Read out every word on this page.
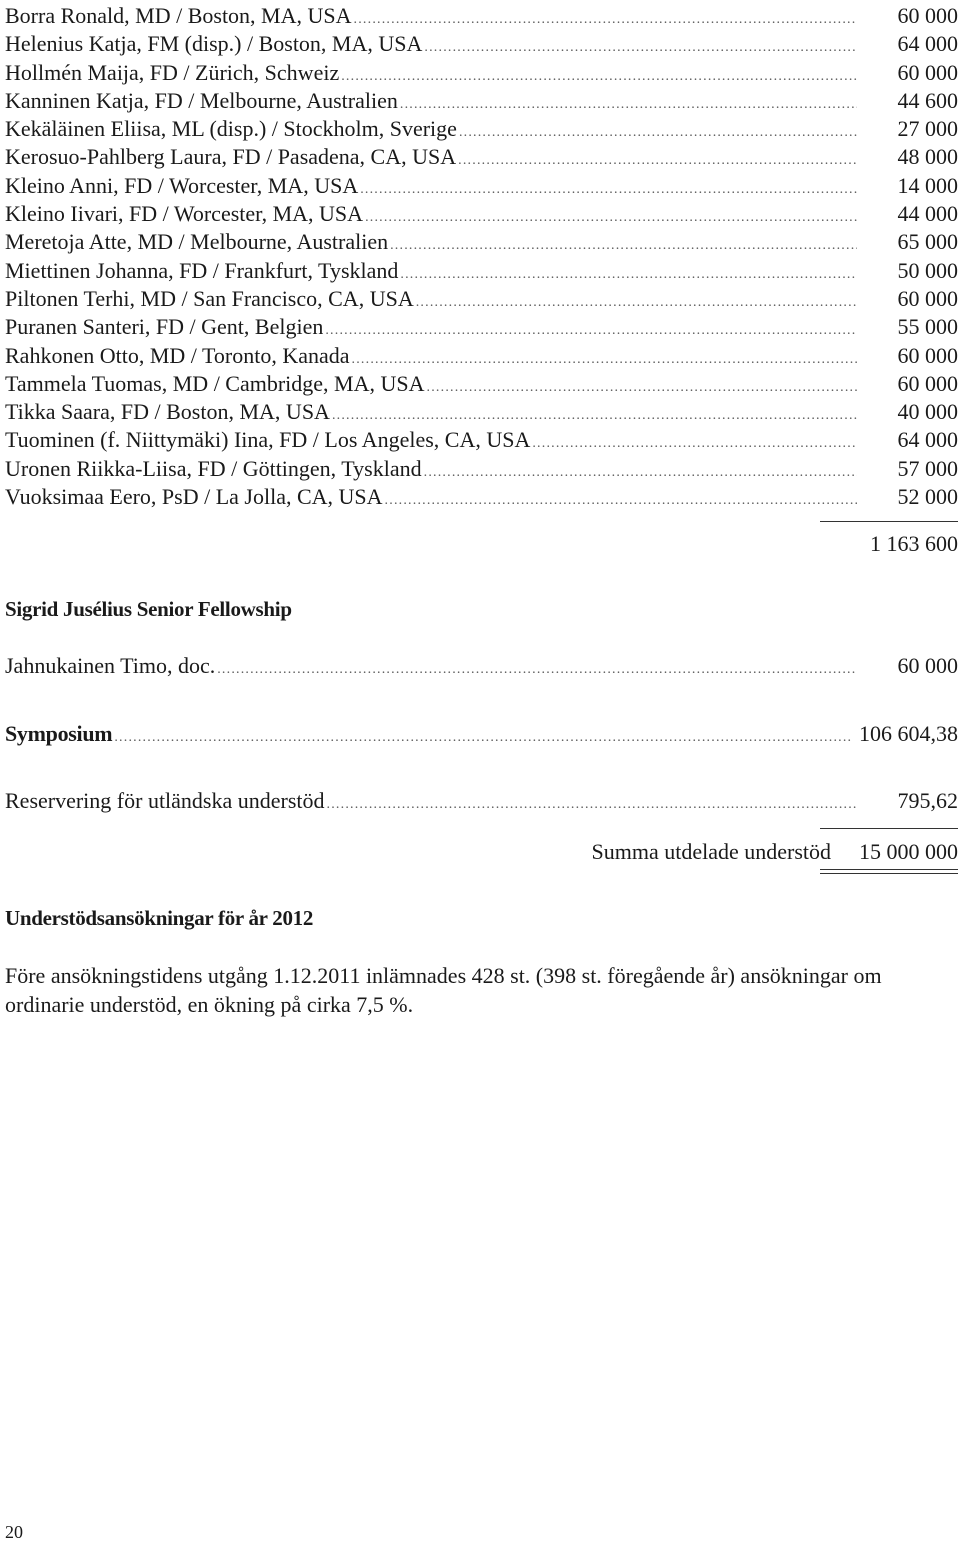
Borra Ronald, MD / Boston, MA, USA .....	60 000
Helenius Katja, FM (disp.) / Boston, MA, USA .....	64 000
Hollmén Maija, FD / Zürich, Schweiz .....	60 000
Kanninen Katja, FD / Melbourne, Australien .....	44 600
Kekäläinen Eliisa, ML (disp.) / Stockholm, Sverige .....	27 000
Kerosuo-Pahlberg Laura, FD / Pasadena, CA, USA .....	48 000
Kleino Anni, FD / Worcester, MA, USA .....	14 000
Kleino Iivari, FD / Worcester, MA, USA .....	44 000
Meretoja Atte, MD / Melbourne, Australien .....	65 000
Miettinen Johanna, FD / Frankfurt, Tyskland .....	50 000
Piltonen Terhi, MD / San Francisco, CA, USA .....	60 000
Puranen Santeri, FD / Gent, Belgien .....	55 000
Rahkonen Otto, MD / Toronto, Kanada .....	60 000
Tammela Tuomas, MD / Cambridge, MA, USA .....	60 000
Tikka Saara, FD / Boston, MA, USA .....	40 000
Tuominen (f. Niittymäki) Iina, FD / Los Angeles, CA, USA .....	64 000
Uronen Riikka-Liisa, FD / Göttingen, Tyskland .....	57 000
Vuoksimaa Eero, PsD / La Jolla, CA, USA .....	52 000
1 163 600
Sigrid Jusélius Senior Fellowship
Jahnukainen Timo, doc. .....	60 000
Symposium .....	106 604,38
Reservering för utländska understöd .....	795,62
Summa utdelade understöd 15 000 000
Understödsansökningar för år 2012
Före ansökningstidens utgång 1.12.2011 inlämnades 428 st. (398 st. föregående år) ansökningar om ordinarie understöd, en ökning på cirka 7,5 %.
20
